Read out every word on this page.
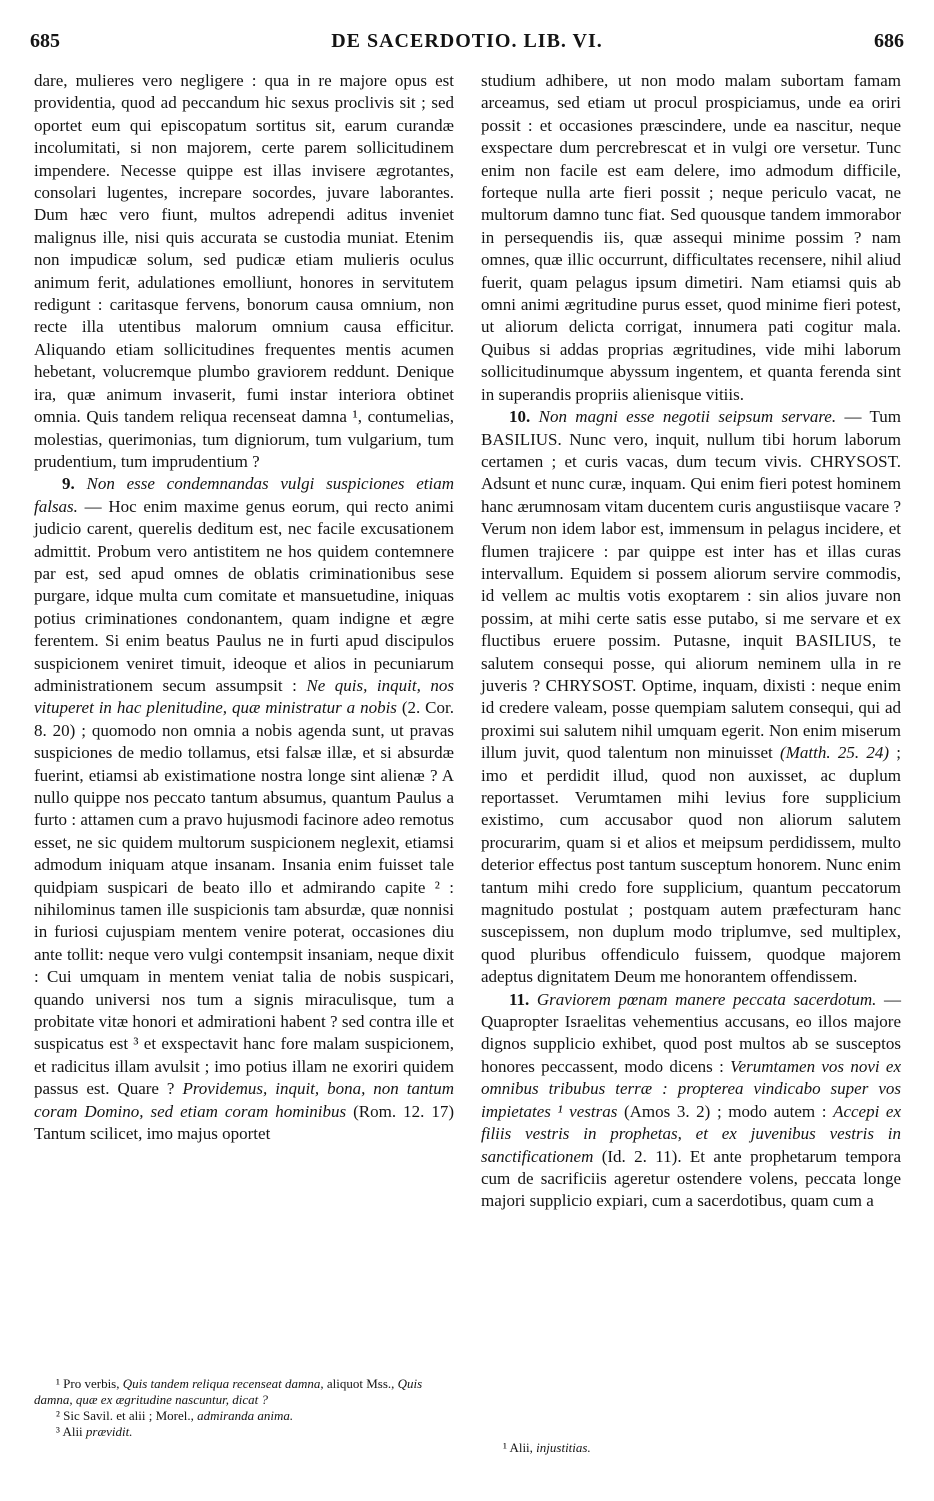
685	DE SACERDOTIO. LIB. VI.	686

dare, mulieres vero negligere : qua in re majore opus est providentia, quod ad peccandum hic sexus proclivis sit ; sed oportet eum qui episcopatum sortitus sit, earum curandæ incolumitati, si non majorem, certe parem sollicitudinem impendere. Necesse quippe est illas invisere ægrotantes, consolari lugentes, increpare socordes, juvare laborantes. Dum hæc vero fiunt, multos adrependi aditus inveniet malignus ille, nisi quis accurata se custodia muniat. Etenim non impudicæ solum, sed pudicæ etiam mulieris oculus animum ferit, adulationes emolliunt, honores in servitutem redigunt : caritasque fervens, bonorum causa omnium, non recte illa utentibus malorum omnium causa efficitur. Aliquando etiam sollicitudines frequentes mentis acumen hebetant, volucremque plumbo graviorem reddunt. Denique ira, quæ animum invaserit, fumi instar interiora obtinet omnia. Quis tandem reliqua recenseat damna ¹, contumelias, molestias, querimonias, tum digniorum, tum vulgarium, tum prudentium, tum imprudentium ?

9. Non esse condemnandas vulgi suspiciones etiam falsas. — Hoc enim maxime genus eorum, qui recto animi judicio carent, querelis deditum est, nec facile excusationem admittit. Probum vero antistitem ne hos quidem contemnere par est, sed apud omnes de oblatis criminationibus sese purgare, idque multa cum comitate et mansuetudine, iniquas potius criminationes condonantem, quam indigne et ægre ferentem. Si enim beatus Paulus ne in furti apud discipulos suspicionem veniret timuit, ideoque et alios in pecuniarum administrationem secum assumpsit : Ne quis, inquit, nos vituperet in hac plenitudine, quæ ministratur a nobis (2. Cor. 8. 20) ; quomodo non omnia a nobis agenda sunt, ut pravas suspiciones de medio tollamus, etsi falsæ illæ, et si absurdæ fuerint, etiamsi ab existimatione nostra longe sint alienæ ? A nullo quippe nos peccato tantum absumus, quantum Paulus a furto : attamen cum a pravo hujusmodi facinore adeo remotus esset, ne sic quidem multorum suspicionem neglexit, etiamsi admodum iniquam atque insanam. Insania enim fuisset tale quidpiam suspicari de beato illo et admirando capite ² : nihilominus tamen ille suspicionis tam absurdæ, quæ nonnisi in furiosi cujuspiam mentem venire poterat, occasiones diu ante tollit: neque vero vulgi contempsit insaniam, neque dixit : Cui umquam in mentem veniat talia de nobis suspicari, quando universi nos tum a signis miraculisque, tum a probitate vitæ honori et admirationi habent ? sed contra ille et suspicatus est ³ et exspectavit hanc fore malam suspicionem, et radicitus illam avulsit ; imo potius illam ne exoriri quidem passus est. Quare ? Providemus, inquit, bona, non tantum coram Domino, sed etiam coram hominibus (Rom. 12. 17) Tantum scilicet, imo majus oportet

studium adhibere, ut non modo malam subortam famam arceamus, sed etiam ut procul prospiciamus, unde ea oriri possit : et occasiones præscindere, unde ea nascitur, neque exspectare dum percrebrescat et in vulgi ore versetur. Tunc enim non facile est eam delere, imo admodum difficile, forteque nulla arte fieri possit ; neque periculo vacat, ne multorum damno tunc fiat. Sed quousque tandem immorabor in persequendis iis, quæ assequi minime possim ? nam omnes, quæ illic occurrunt, difficultates recensere, nihil aliud fuerit, quam pelagus ipsum dimetiri. Nam etiamsi quis ab omni animi ægritudine purus esset, quod minime fieri potest, ut aliorum delicta corrigat, innumera pati cogitur mala. Quibus si addas proprias ægritudines, vide mihi laborum sollicitudinumque abyssum ingentem, et quanta ferenda sint in superandis propriis alienisque vitiis.

10. Non magni esse negotii seipsum servare. — Tum BASILIUS. Nunc vero, inquit, nullum tibi horum laborum certamen ; et curis vacas, dum tecum vivis. CHRYSOST. Adsunt et nunc curæ, inquam. Qui enim fieri potest hominem hanc ærumnosam vitam ducentem curis angustiisque vacare ? Verum non idem labor est, immensum in pelagus incidere, et flumen trajicere : par quippe est inter has et illas curas intervallum. Equidem si possem aliorum servire commodis, id vellem ac multis votis exoptarem : sin alios juvare non possim, at mihi certe satis esse putabo, si me servare et ex fluctibus eruere possim. Putasne, inquit BASILIUS, te salutem consequi posse, qui aliorum neminem ulla in re juveris ? CHRYSOST. Optime, inquam, dixisti : neque enim id credere valeam, posse quempiam salutem consequi, qui ad proximi sui salutem nihil umquam egerit. Non enim miserum illum juvit, quod talentum non minuisset (Matth. 25. 24) ; imo et perdidit illud, quod non auxisset, ac duplum reportasset. Verumtamen mihi levius fore supplicium existimo, cum accusabor quod non aliorum salutem procurarim, quam si et alios et meipsum perdidissem, multo deterior effectus post tantum susceptum honorem. Nunc enim tantum mihi credo fore supplicium, quantum peccatorum magnitudo postulat ; postquam autem præfecturam hanc suscepissem, non duplum modo triplumve, sed multiplex, quod pluribus offendiculo fuissem, quodque majorem adeptus dignitatem Deum me honorantem offendissem.

11. Graviorem pœnam manere peccata sacerdotum. — Quapropter Israelitas vehementius accusans, eo illos majore dignos supplicio exhibet, quod post multos ab se susceptos honores peccassent, modo dicens : Verumtamen vos novi ex omnibus tribubus terræ : propterea vindicabo super vos impietates ¹ vestras (Amos 3. 2) ; modo autem : Accepi ex filiis vestris in prophetas, et ex juvenibus vestris in sanctificationem (Id. 2. 11). Et ante prophetarum tempora cum de sacrificiis ageretur ostendere volens, peccata longe majori supplicio expiari, cum a sacerdotibus, quam cum a

¹ Pro verbis, Quis tandem reliqua recenseat damna, aliquot Mss., Quis damna, quæ ex ægritudine nascuntur, dicat ?

² Sic Savil. et alii ; Morel., admiranda anima.

³ Alii prævidit.

¹ Alii, injustitias.
